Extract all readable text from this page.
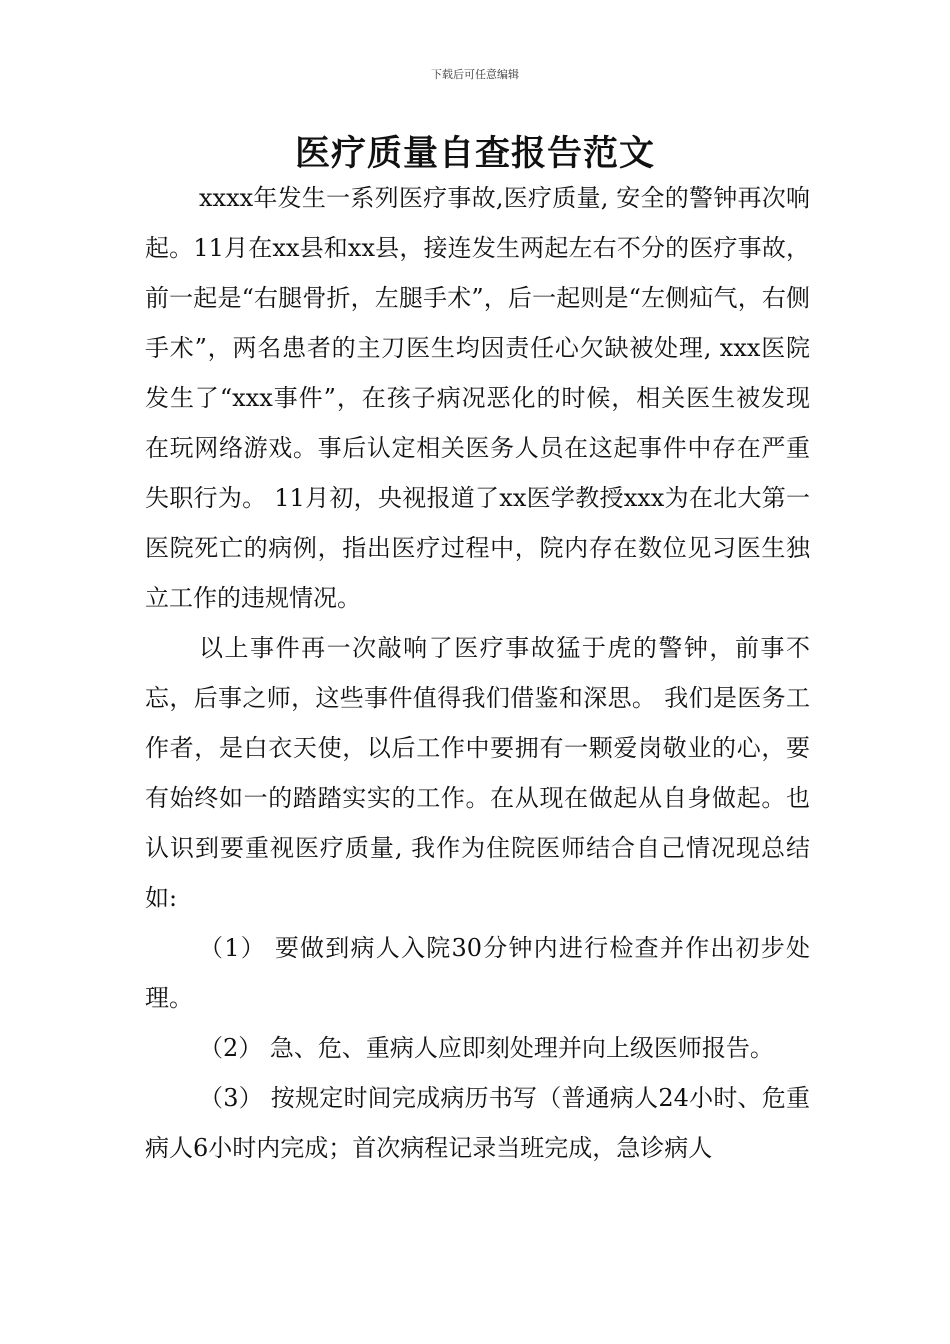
下载后可任意编辑
医疗质量自查报告范文

xxxx年发生一系列医疗事故,医疗质量, 安全的警钟再次响起。11月在xx县和xx县，接连发生两起左右不分的医疗事故，前一起是“右腿骨折，左腿手术”，后一起则是“左侧疝气，右侧手术”，两名患者的主刀医生均因责任心欠缺被处理, xxx医院发生了“xxx事件”，在孩子病况恶化的时候，相关医生被发现在玩网络游戏。事后认定相关医务人员在这起事件中存在严重失职行为。 11月初，央视报道了xx医学教授xxx为在北大第一医院死亡的病例，指出医疗过程中，院内存在数位见习医生独立工作的违规情况。

以上事件再一次敲响了医疗事故猛于虎的警钟，前事不忘，后事之师，这些事件值得我们借鉴和深思。 我们是医务工作者，是白衣天使，以后工作中要拥有一颗爱岗敬业的心，要有始终如一的踏踏实实的工作。在从现在做起从自身做起。也认识到要重视医疗质量, 我作为住院医师结合自己情况现总结如:

（1） 要做到病人入院30分钟内进行检查并作出初步处理。

（2） 急、危、重病人应即刻处理并向上级医师报告。

（3） 按规定时间完成病历书写（普通病人24小时、危重病人6小时内完成；首次病程记录当班完成，急诊病人
